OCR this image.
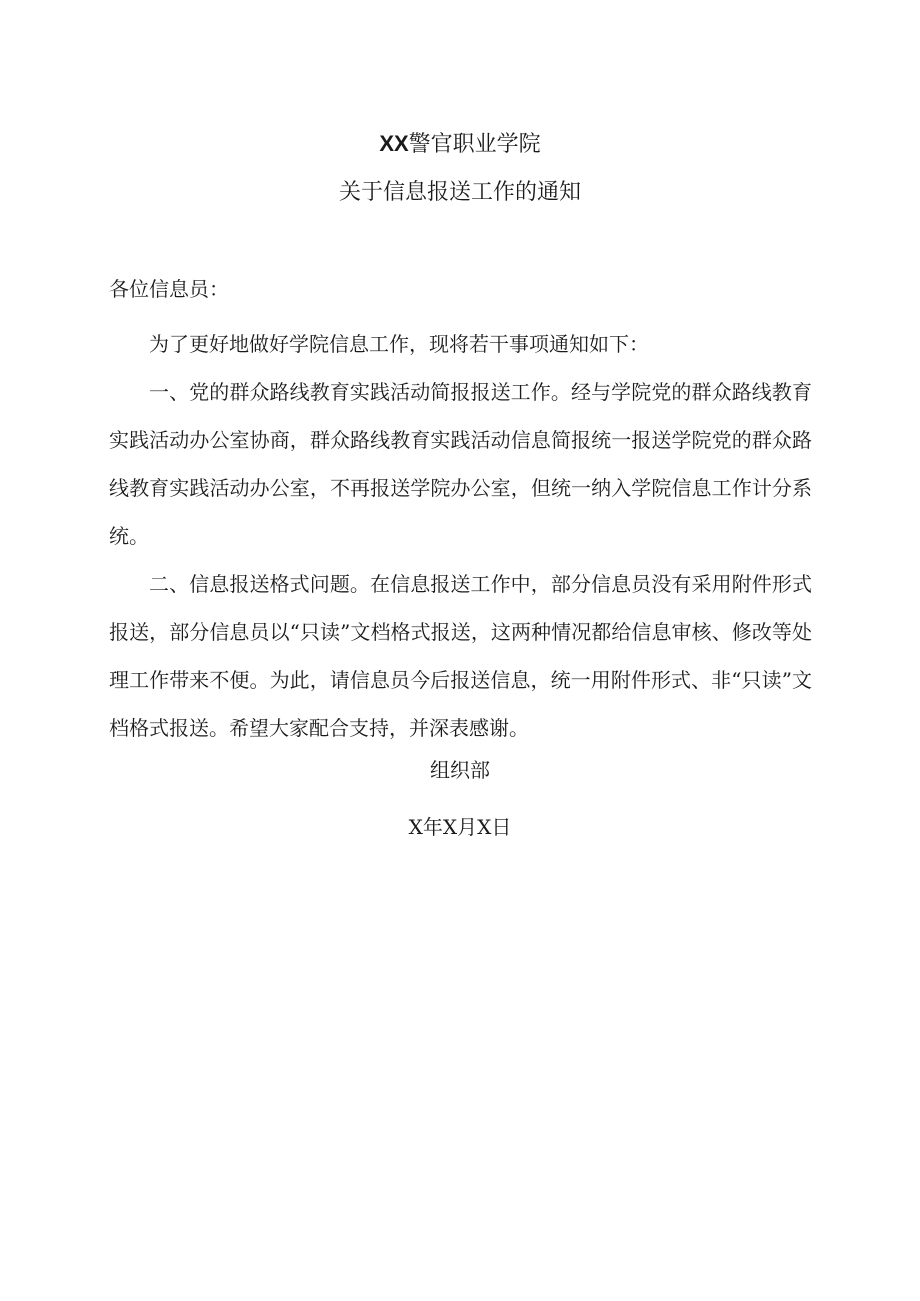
XX警官职业学院
关于信息报送工作的通知
各位信息员：

为了更好地做好学院信息工作，现将若干事项通知如下：

一、党的群众路线教育实践活动简报报送工作。经与学院党的群众路线教育实践活动办公室协商，群众路线教育实践活动信息简报统一报送学院党的群众路线教育实践活动办公室，不再报送学院办公室，但统一纳入学院信息工作计分系统。

二、信息报送格式问题。在信息报送工作中，部分信息员没有采用附件形式报送，部分信息员以“只读”文档格式报送，这两种情况都给信息审核、修改等处理工作带来不便。为此，请信息员今后报送信息，统一用附件形式、非“只读”文档格式报送。希望大家配合支持，并深表感谢。

组织部
X年X月X日
